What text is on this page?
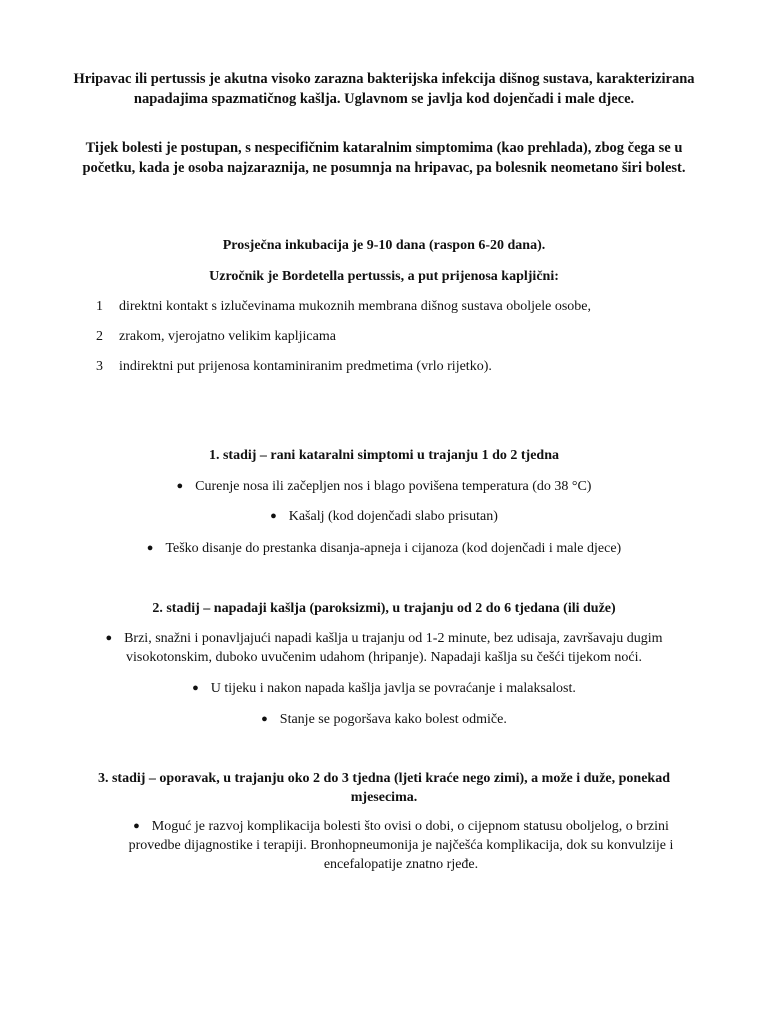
Hripavac ili pertussis je akutna visoko zarazna bakterijska infekcija dišnog sustava, karakterizirana napadajima spazmatičnog kašlja. Uglavnom se javlja kod dojenčadi i male djece.

Tijek bolesti je postupan, s nespecifičnim kataralnim simptomima (kao prehlada), zbog čega se u početku, kada je osoba najzaraznija, ne posumnja na hripavac, pa bolesnik neometano širi bolest.

Prosječna inkubacija je 9-10 dana (raspon 6-20 dana).

Uzročnik je Bordetella pertussis, a put prijenosa kapljični:

1 direktni kontakt s izlučevinama mukoznih membrana dišnog sustava oboljele osobe,

2 zrakom, vjerojatno velikim kapljicama

3 indirektni put prijenosa kontaminiranim predmetima (vrlo rijetko).

1. stadij – rani kataralni simptomi u trajanju 1 do 2 tjedna

● Curenje nosa ili začepljen nos i blago povišena temperatura (do 38 °C)

● Kašalj (kod dojenčadi slabo prisutan)

● Teško disanje do prestanka disanja-apneja i cijanoza (kod dojenčadi i male djece)

2. stadij – napadaji kašlja (paroksizmi), u trajanju od 2 do 6 tjedana (ili duže)

● Brzi, snažni i ponavljajući napadi kašlja u trajanju od 1-2 minute, bez udisaja, završavaju dugim visokotonskim, duboko uvučenim udahom (hripanje). Napadaji kašlja su češći tijekom noći.

● U tijeku i nakon napada kašlja javlja se povraćanje i malaksalost.

● Stanje se pogoršava kako bolest odmiče.

3. stadij – oporavak, u trajanju oko 2 do 3 tjedna (ljeti kraće nego zimi), a može i duže, ponekad mjesecima.

● Moguć je razvoj komplikacija bolesti što ovisi o dobi, o cijepnom statusu oboljelog, o brzini provedbe dijagnostike i terapiji. Bronhopneumonija je najčešća komplikacija, dok su konvulzije i encefalopatije znatno rjeđe.
